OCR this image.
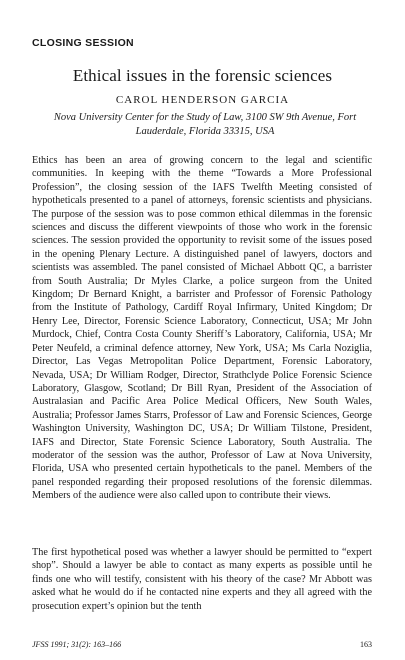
CLOSING SESSION
Ethical issues in the forensic sciences
CAROL HENDERSON GARCIA
Nova University Center for the Study of Law, 3100 SW 9th Avenue, Fort Lauderdale, Florida 33315, USA

Ethics has been an area of growing concern to the legal and scientific communities. In keeping with the theme “Towards a More Professional Profession”, the closing session of the IAFS Twelfth Meeting consisted of hypotheticals presented to a panel of attorneys, forensic scientists and physicians. The purpose of the session was to pose common ethical dilemmas in the forensic sciences and discuss the different viewpoints of those who work in the forensic sciences. The session provided the opportunity to revisit some of the issues posed in the opening Plenary Lecture. A distinguished panel of lawyers, doctors and scientists was assembled. The panel consisted of Michael Abbott QC, a barrister from South Australia; Dr Myles Clarke, a police surgeon from the United Kingdom; Dr Bernard Knight, a barrister and Professor of Forensic Pathology from the Institute of Pathology, Cardiff Royal Infirmary, United Kingdom; Dr Henry Lee, Director, Forensic Science Laboratory, Connecticut, USA; Mr John Murdock, Chief, Contra Costa County Sheriff’s Laboratory, California, USA; Mr Peter Neufeld, a criminal defence attorney, New York, USA; Ms Carla Noziglia, Director, Las Vegas Metropolitan Police Department, Forensic Laboratory, Nevada, USA; Dr William Rodger, Director, Strathclyde Police Forensic Science Laboratory, Glasgow, Scotland; Dr Bill Ryan, President of the Association of Australasian and Pacific Area Police Medical Officers, New South Wales, Australia; Professor James Starrs, Professor of Law and Forensic Sciences, George Washington University, Washington DC, USA; Dr William Tilstone, President, IAFS and Director, State Forensic Science Laboratory, South Australia. The moderator of the session was the author, Professor of Law at Nova University, Florida, USA who presented certain hypotheticals to the panel. Members of the panel responded regarding their proposed resolutions of the forensic dilemmas. Members of the audience were also called upon to contribute their views.

The first hypothetical posed was whether a lawyer should be permitted to “expert shop”. Should a lawyer be able to contact as many experts as possible until he finds one who will testify, consistent with his theory of the case? Mr Abbott was asked what he would do if he contacted nine experts and they all agreed with the prosecution expert’s opinion but the tenth

JFSS 1991; 31(2): 163–166	163
